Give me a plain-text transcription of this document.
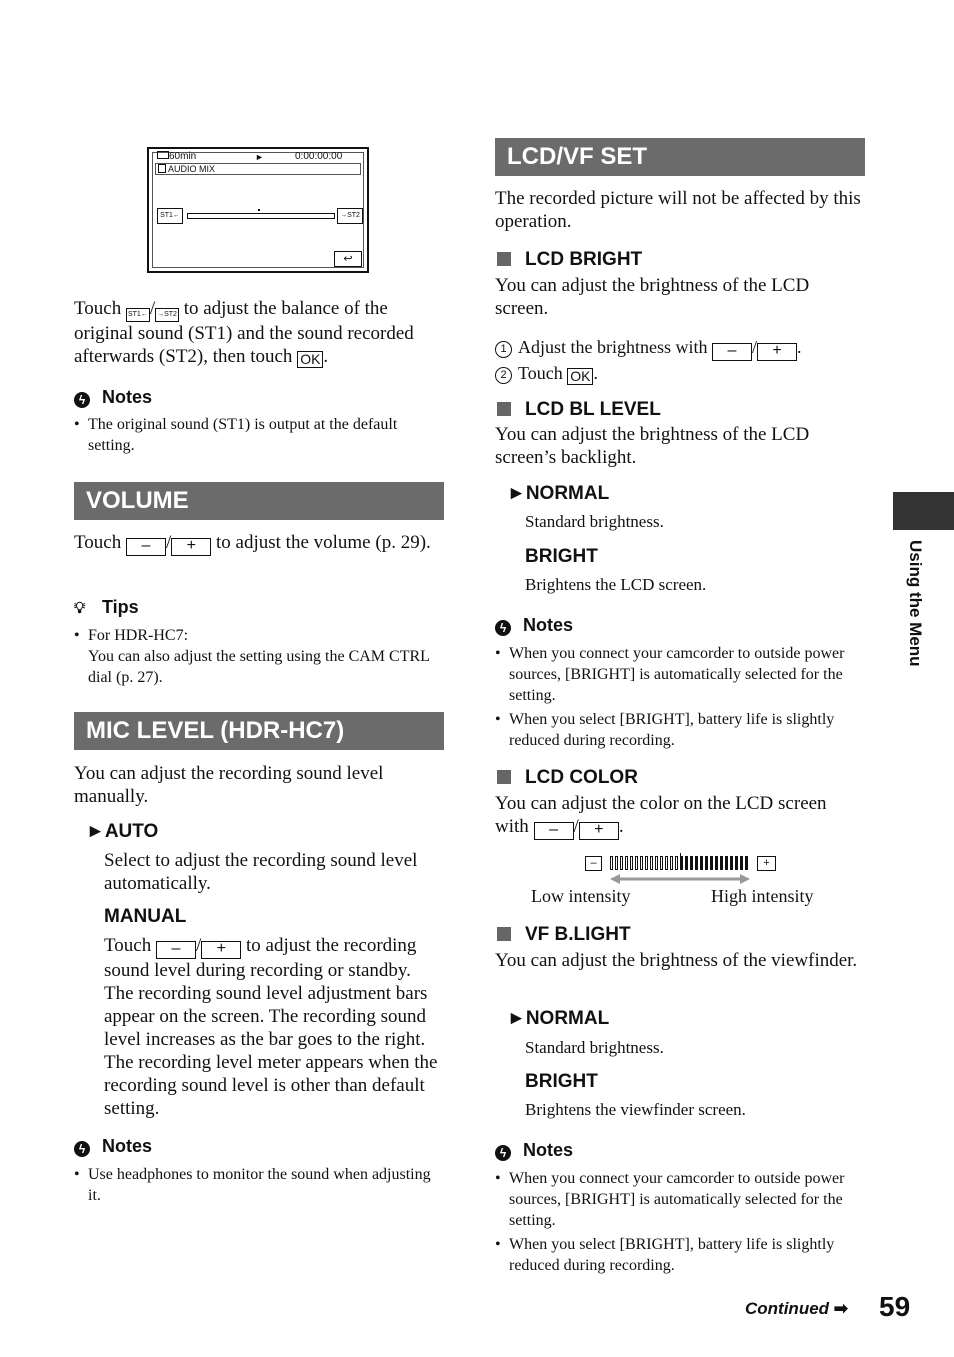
60min	►	0:00:00:00
AUDIO MIX
ST1←	→ST2
↩
Touch ST1← / →ST2 to adjust the balance of the original sound (ST1) and the sound recorded afterwards (ST2), then touch OK .
ϟ Notes
• The original sound (ST1) is output at the default setting.
VOLUME
Touch – / + to adjust the volume (p. 29).
💡︎ Tips
• For HDR-HC7:
You can also adjust the setting using the CAM CTRL dial (p. 27).
MIC LEVEL (HDR-HC7)
You can adjust the recording sound level manually.
►AUTO
Select to adjust the recording sound level automatically.
MANUAL
Touch – / + to adjust the recording sound level during recording or standby.
The recording sound level adjustment bars appear on the screen. The recording sound level increases as the bar goes to the right. The recording level meter appears when the recording sound level is other than default setting.
ϟ Notes
• Use headphones to monitor the sound when adjusting it.
LCD/VF SET
The recorded picture will not be affected by this operation.
LCD BRIGHT
You can adjust the brightness of the LCD screen.
1 Adjust the brightness with – / + .
2 Touch OK .
LCD BL LEVEL
You can adjust the brightness of the LCD screen’s backlight.
►NORMAL
Standard brightness.
BRIGHT
Brightens the LCD screen.
ϟ Notes
• When you connect your camcorder to outside power sources, [BRIGHT] is automatically selected for the setting.
• When you select [BRIGHT], battery life is slightly reduced during recording.
LCD COLOR
You can adjust the color on the LCD screen with – / + .
–	+
Low intensity	High intensity
VF B.LIGHT
You can adjust the brightness of the viewfinder.
►NORMAL
Standard brightness.
BRIGHT
Brightens the viewfinder screen.
ϟ Notes
• When you connect your camcorder to outside power sources, [BRIGHT] is automatically selected for the setting.
• When you select [BRIGHT], battery life is slightly reduced during recording.
Using the Menu
Continued ➡ 59
